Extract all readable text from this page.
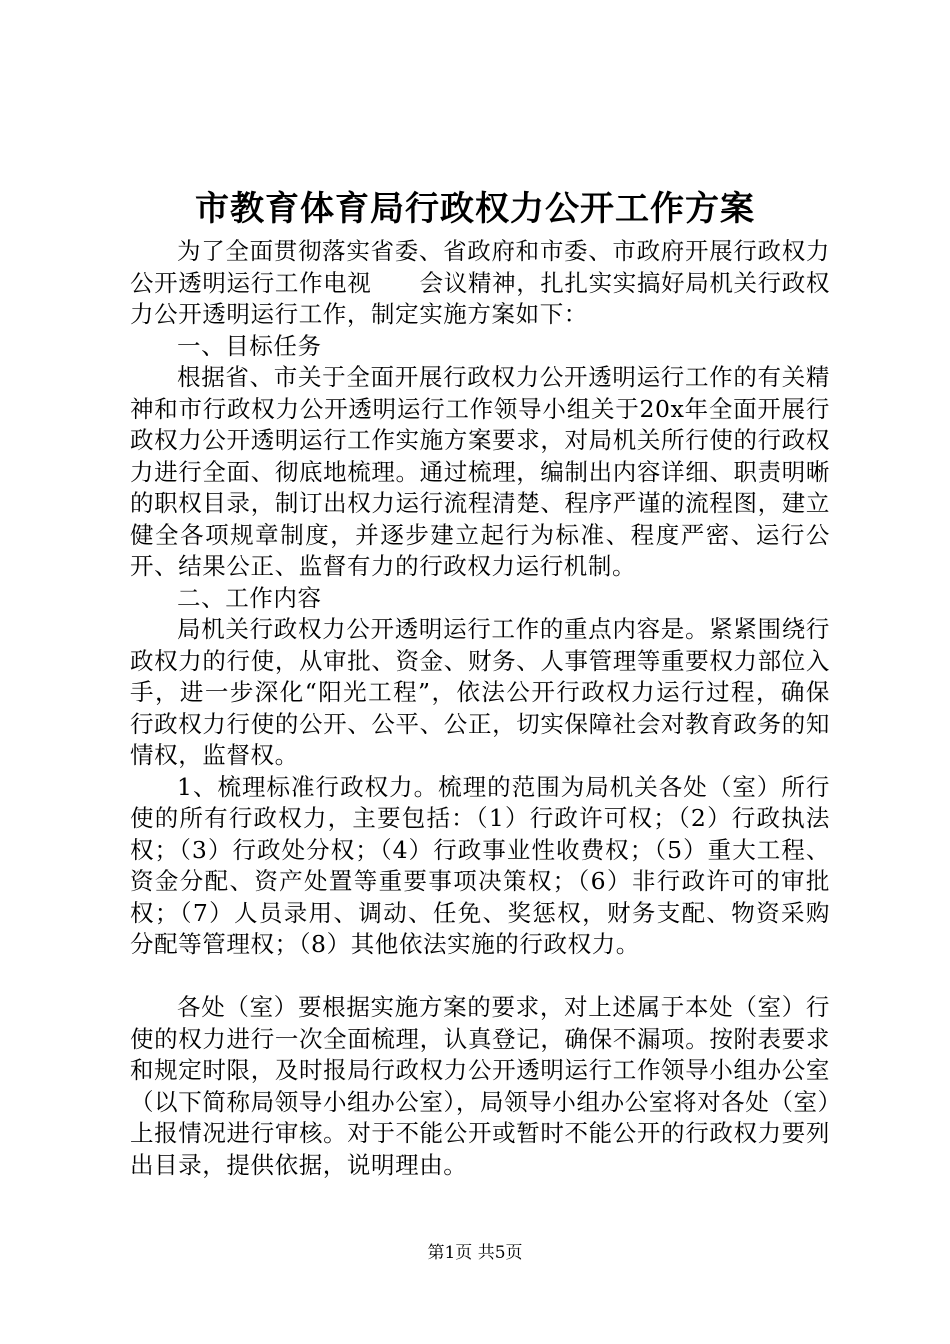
市教育体育局行政权力公开工作方案

为了全面贯彻落实省委、省政府和市委、市政府开展行政权力公开透明运行工作电视　　会议精神，扎扎实实搞好局机关行政权力公开透明运行工作，制定实施方案如下：

一、目标任务

根据省、市关于全面开展行政权力公开透明运行工作的有关精神和市行政权力公开透明运行工作领导小组关于20x年全面开展行政权力公开透明运行工作实施方案要求，对局机关所行使的行政权力进行全面、彻底地梳理。通过梳理，编制出内容详细、职责明晰的职权目录，制订出权力运行流程清楚、程序严谨的流程图，建立健全各项规章制度，并逐步建立起行为标准、程度严密、运行公开、结果公正、监督有力的行政权力运行机制。

二、工作内容

局机关行政权力公开透明运行工作的重点内容是。紧紧围绕行政权力的行使，从审批、资金、财务、人事管理等重要权力部位入手，进一步深化“阳光工程”，依法公开行政权力运行过程，确保行政权力行使的公开、公平、公正，切实保障社会对教育政务的知情权，监督权。

1、梳理标准行政权力。梳理的范围为局机关各处（室）所行使的所有行政权力，主要包括：（1）行政许可权；（2）行政执法权；（3）行政处分权；（4）行政事业性收费权；（5）重大工程、资金分配、资产处置等重要事项决策权；（6）非行政许可的审批权；（7）人员录用、调动、任免、奖惩权，财务支配、物资采购分配等管理权；（8）其他依法实施的行政权力。

各处（室）要根据实施方案的要求，对上述属于本处（室）行使的权力进行一次全面梳理，认真登记，确保不漏项。按附表要求和规定时限，及时报局行政权力公开透明运行工作领导小组办公室（以下简称局领导小组办公室），局领导小组办公室将对各处（室）上报情况进行审核。对于不能公开或暂时不能公开的行政权力要列出目录，提供依据，说明理由。

第1页 共5页
